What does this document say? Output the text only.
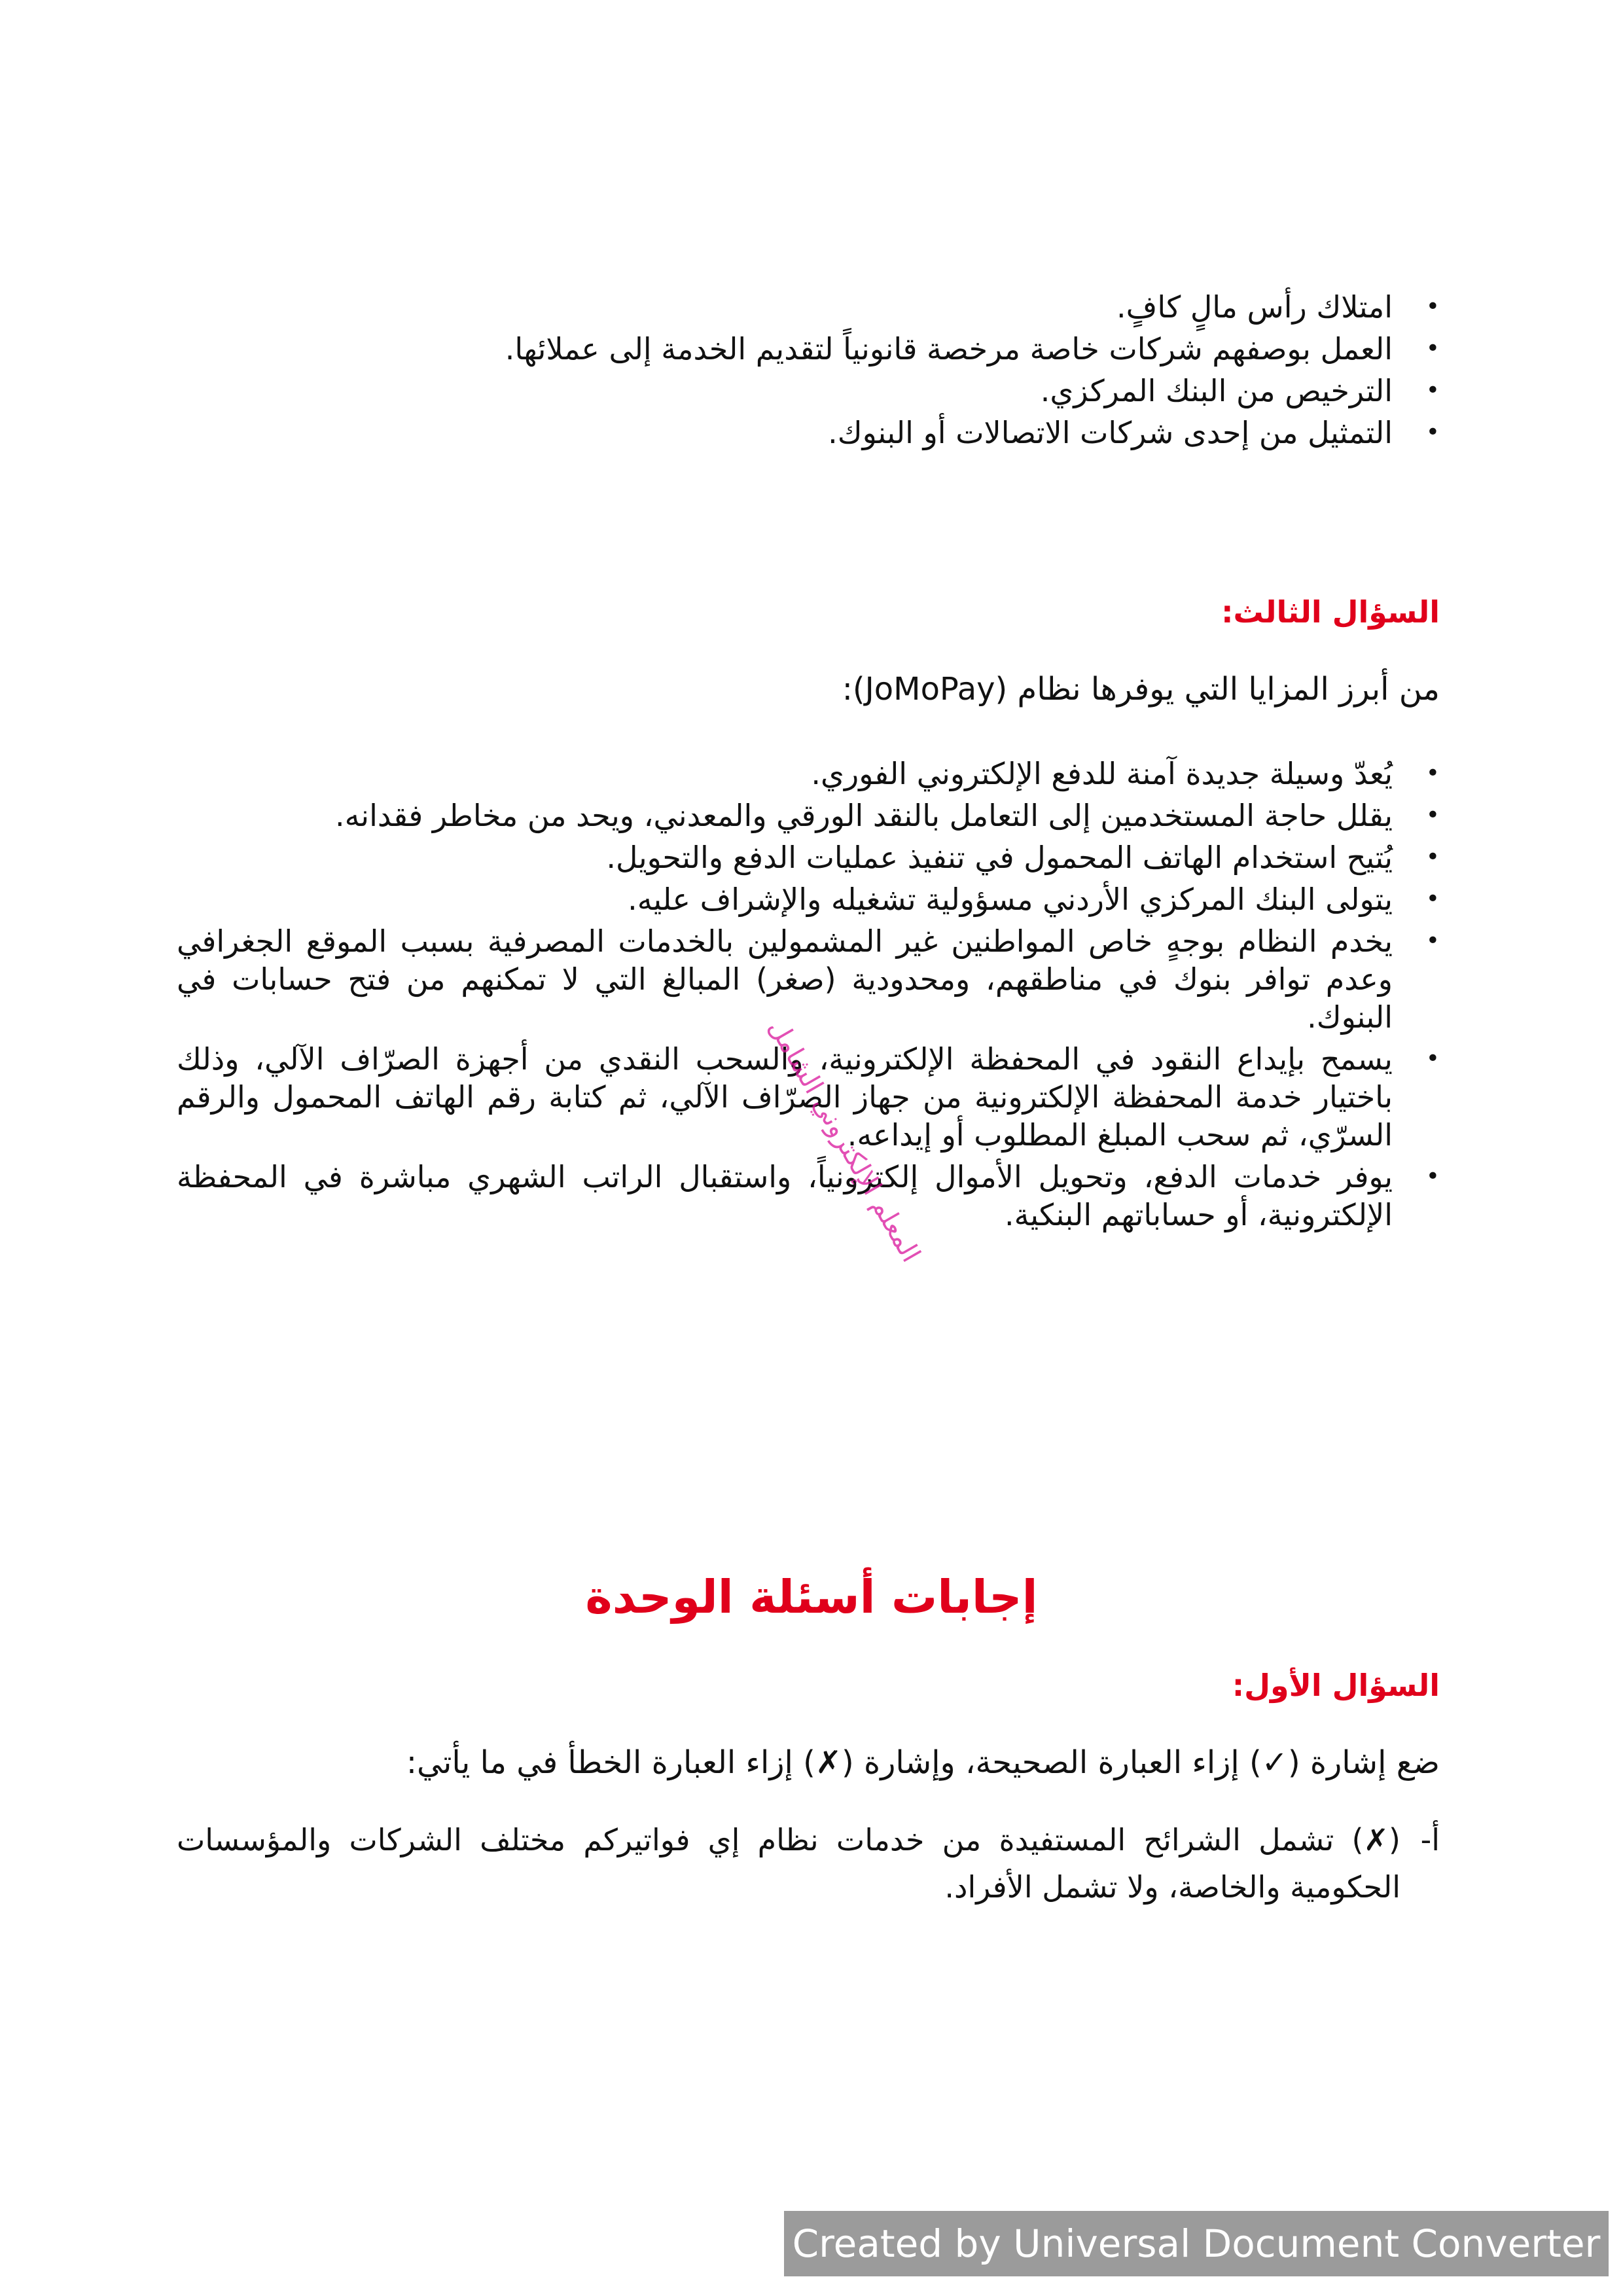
•
امتلاك رأس مالٍ كافٍ.
•
العمل بوصفهم شركات خاصة مرخصة قانونياً لتقديم الخدمة إلى عملائها.
•
الترخيص من البنك المركزي.
•
التمثيل من إحدى شركات الاتصالات أو البنوك.
السؤال الثالث:

من أبرز المزايا التي يوفرها نظام (JoMoPay):

•
يُعدّ وسيلة جديدة آمنة للدفع الإلكتروني الفوري.
•
يقلل حاجة المستخدمين إلى التعامل بالنقد الورقي والمعدني، ويحد من مخاطر فقدانه.
•
يُتيح استخدام الهاتف المحمول في تنفيذ عمليات الدفع والتحويل.
•
يتولى البنك المركزي الأردني مسؤولية تشغيله والإشراف عليه.
•
يخدم النظام بوجهٍ خاص المواطنين غير المشمولين بالخدمات المصرفية بسبب الموقع الجغرافي وعدم توافر بنوك في مناطقهم، ومحدودية (صغر) المبالغ التي لا تمكنهم من فتح حسابات في البنوك.
•
يسمح بإيداع النقود في المحفظة الإلكترونية، والسحب النقدي من أجهزة الصرّاف الآلي، وذلك باختيار خدمة المحفظة الإلكترونية من جهاز الصرّاف الآلي، ثم كتابة رقم الهاتف المحمول والرقم السرّي، ثم سحب المبلغ المطلوب أو إيداعه.
•
يوفر خدمات الدفع، وتحويل الأموال إلكترونياً، واستقبال الراتب الشهري مباشرة في المحفظة الإلكترونية، أو حساباتهم البنكية.
إجابات أسئلة الوحدة
السؤال الأول:

ضع إشارة (✓) إزاء العبارة الصحيحة، وإشارة (✗) إزاء العبارة الخطأ في ما يأتي:

أ-
(✗) تشمل الشرائح المستفيدة من خدمات نظام إي فواتيركم مختلف الشركات والمؤسسات الحكومية والخاصة، ولا تشمل الأفراد.
المعلم الإلكتروني الشامل
Created by Universal Document Converter
